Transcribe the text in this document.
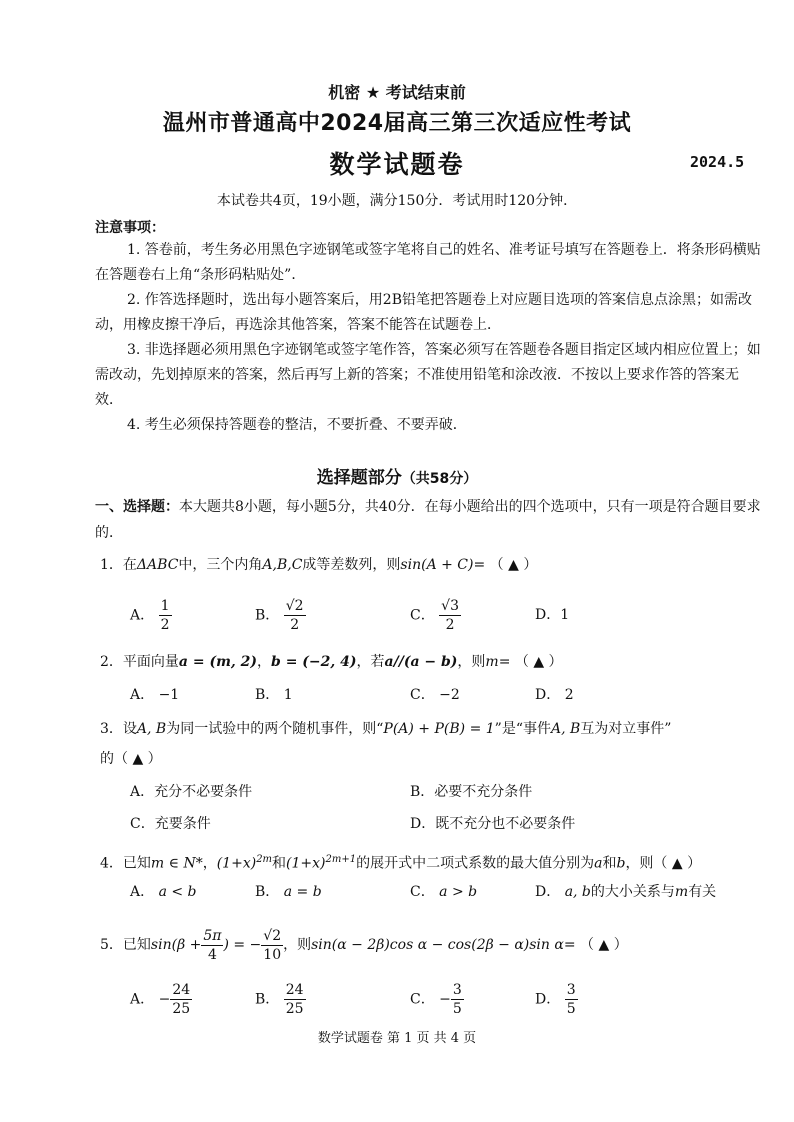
机密 ★ 考试结束前
温州市普通高中2024届高三第三次适应性考试
数学试题卷	2024.5
本试卷共4页，19小题，满分150分．考试用时120分钟．
注意事项：

1. 答卷前，考生务必用黑色字迹钢笔或签字笔将自己的姓名、准考证号填写在答题卷上．将条形码横贴在答题卷右上角“条形码粘贴处”．

2. 作答选择题时，选出每小题答案后，用2B铅笔把答题卷上对应题目选项的答案信息点涂黑；如需改动，用橡皮擦干净后，再选涂其他答案，答案不能答在试题卷上．

3. 非选择题必须用黑色字迹钢笔或签字笔作答，答案必须写在答题卷各题目指定区域内相应位置上；如需改动，先划掉原来的答案，然后再写上新的答案；不准使用铅笔和涂改液．不按以上要求作答的答案无效．

4. 考生必须保持答题卷的整洁，不要折叠、不要弄破．

选择题部分（共58分）
一、选择题：本大题共8小题，每小题5分，共40分．在每小题给出的四个选项中，只有一项是符合题目要求的．
1．在ΔABC中，三个内角A,B,C成等差数列，则sin(A + C)= （ ▲ ）
A． $\frac{1}{2}$	B． $\frac{√2}{2}$	C． $\frac{√3}{2}$	D．1
2．平面向量a = (m, 2)，b = (−2, 4)，若a//(a − b)，则m= （ ▲ ）
A． −1	B． 1	C． −2	D． 2
3．设A, B为同一试验中的两个随机事件，则“P(A) + P(B) = 1”是“事件A, B互为对立事件”
的（ ▲ ）
A．充分不必要条件	B．必要不充分条件
C．充要条件	D．既不充分也不必要条件
4．已知m ∈ N*，$(1+x)^{2m}$和$(1+x)^{2m+1}$的展开式中二项式系数的最大值分别为a和b，则（ ▲ ）
A． a < b	B． a = b	C． a > b	D． a, b的大小关系与m有关
5．已知$\sin(\beta + \frac{5\pi}{4}$ ) = − $\frac{√2}{10}$ ，则sin(α − 2β)cos α − cos(2β − α)sin α= （ ▲ ）
A． − $\frac{24}{25}$	B． $\frac{24}{25}$	C． − $\frac{3}{5}$	D． $\frac{3}{5}$
数学试题卷 第 1 页 共 4 页
